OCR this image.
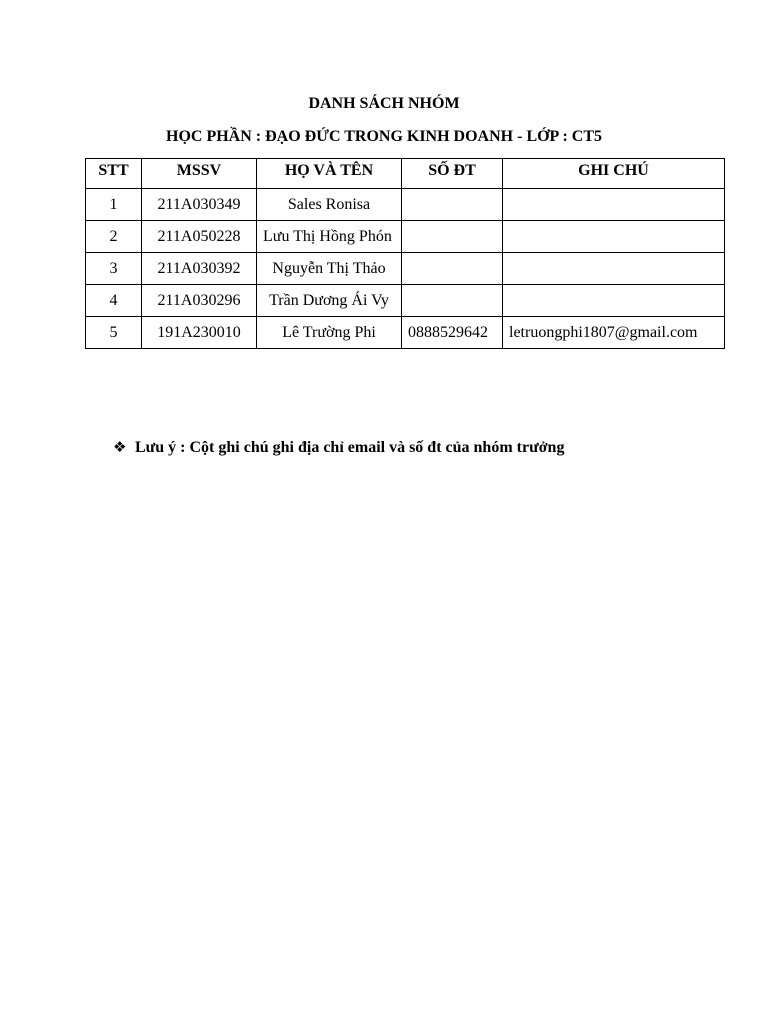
DANH SÁCH NHÓM
HỌC PHẦN : ĐẠO ĐỨC TRONG KINH DOANH - LỚP : CT5
STT	MSSV	HỌ VÀ TÊN	SỐ ĐT	GHI CHÚ
1	211A030349	Sales Ronisa		
2	211A050228	Lưu Thị Hồng Phón		
3	211A030392	Nguyễn Thị Thảo		
4	211A030296	Trần Dương Ái Vy		
5	191A230010	Lê Trường Phi	0888529642	letruongphi1807@gmail.com
❖ Lưu ý : Cột ghi chú ghi địa chỉ email và số đt của nhóm trưởng
